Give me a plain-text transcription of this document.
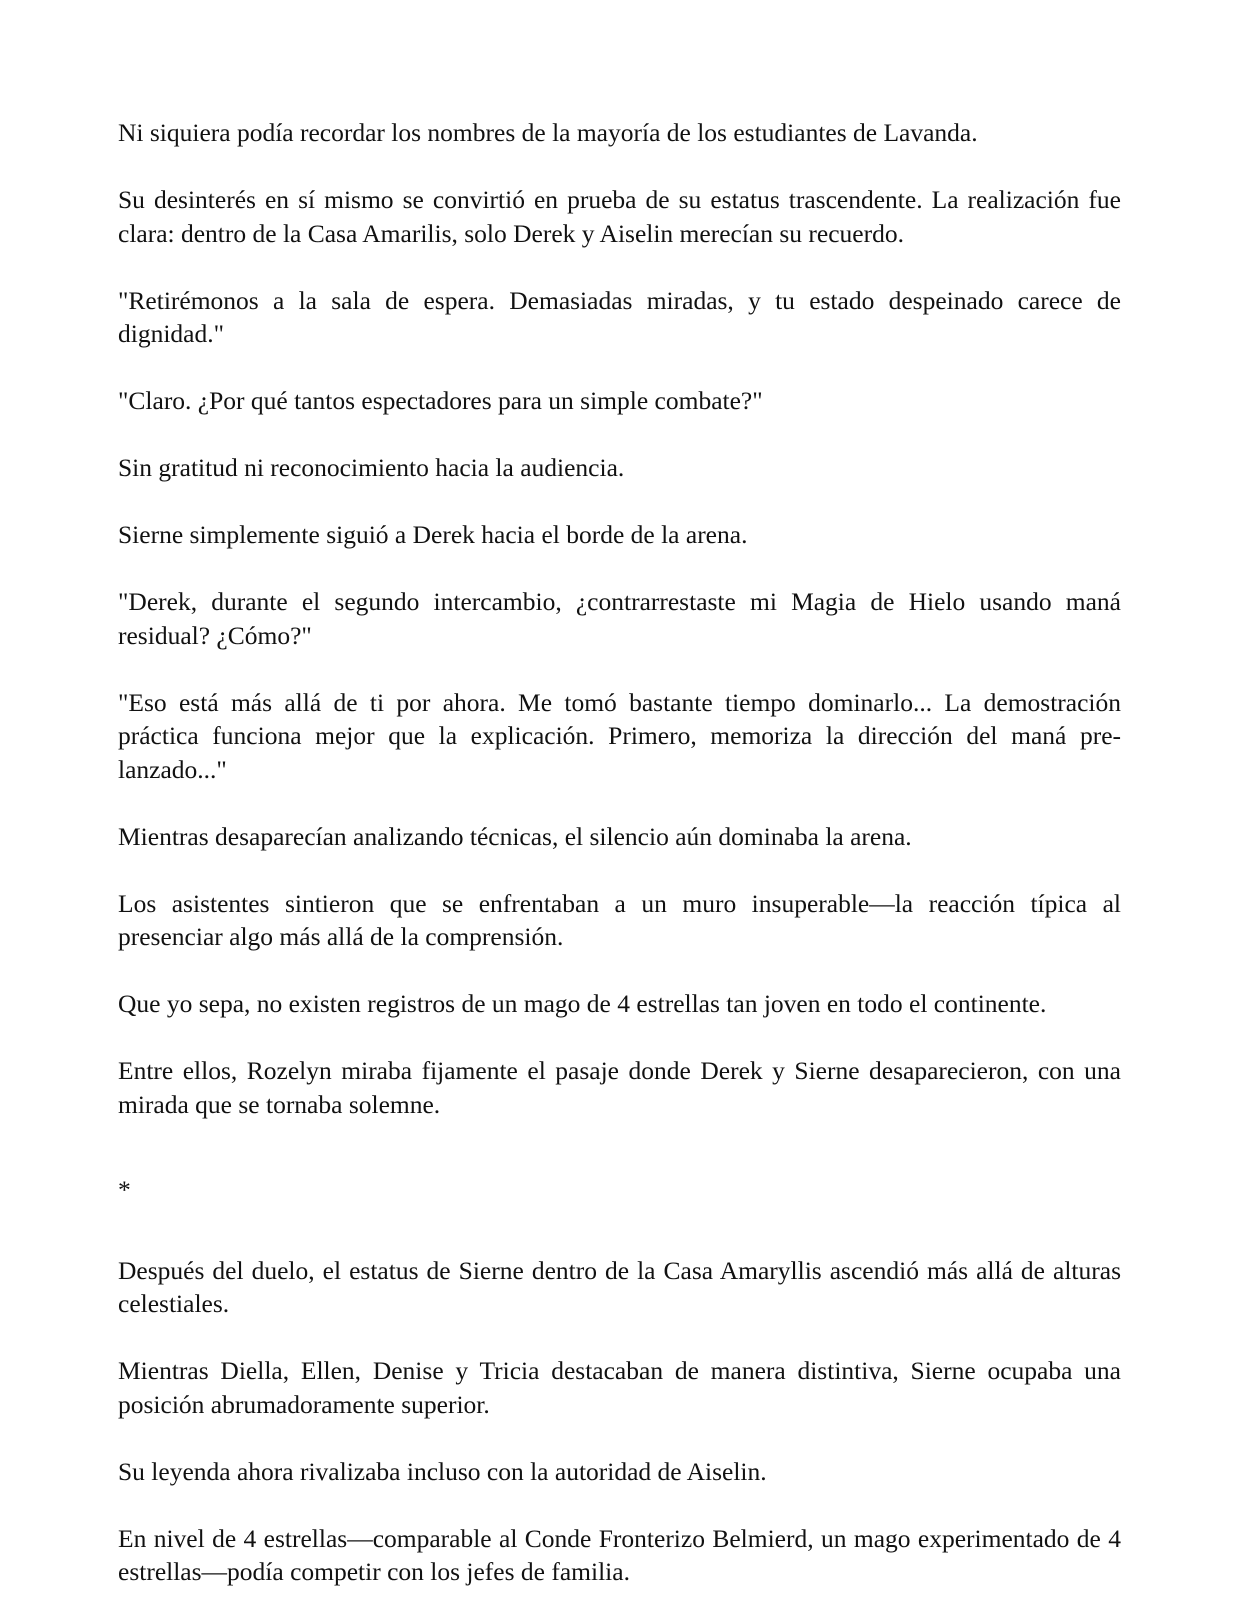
Ni siquiera podía recordar los nombres de la mayoría de los estudiantes de Lavanda.

Su desinterés en sí mismo se convirtió en prueba de su estatus trascendente. La realización fue clara: dentro de la Casa Amarilis, solo Derek y Aiselin merecían su recuerdo.

"Retirémonos a la sala de espera. Demasiadas miradas, y tu estado despeinado carece de dignidad."

"Claro. ¿Por qué tantos espectadores para un simple combate?"

Sin gratitud ni reconocimiento hacia la audiencia.

Sierne simplemente siguió a Derek hacia el borde de la arena.

"Derek, durante el segundo intercambio, ¿contrarrestaste mi Magia de Hielo usando maná residual? ¿Cómo?"

"Eso está más allá de ti por ahora. Me tomó bastante tiempo dominarlo... La demostración práctica funciona mejor que la explicación. Primero, memoriza la dirección del maná pre-lanzado..."

Mientras desaparecían analizando técnicas, el silencio aún dominaba la arena.

Los asistentes sintieron que se enfrentaban a un muro insuperable—la reacción típica al presenciar algo más allá de la comprensión.

Que yo sepa, no existen registros de un mago de 4 estrellas tan joven en todo el continente.

Entre ellos, Rozelyn miraba fijamente el pasaje donde Derek y Sierne desaparecieron, con una mirada que se tornaba solemne.

*

Después del duelo, el estatus de Sierne dentro de la Casa Amaryllis ascendió más allá de alturas celestiales.

Mientras Diella, Ellen, Denise y Tricia destacaban de manera distintiva, Sierne ocupaba una posición abrumadoramente superior.

Su leyenda ahora rivalizaba incluso con la autoridad de Aiselin.

En nivel de 4 estrellas—comparable al Conde Fronterizo Belmierd, un mago experimentado de 4 estrellas—podía competir con los jefes de familia.
